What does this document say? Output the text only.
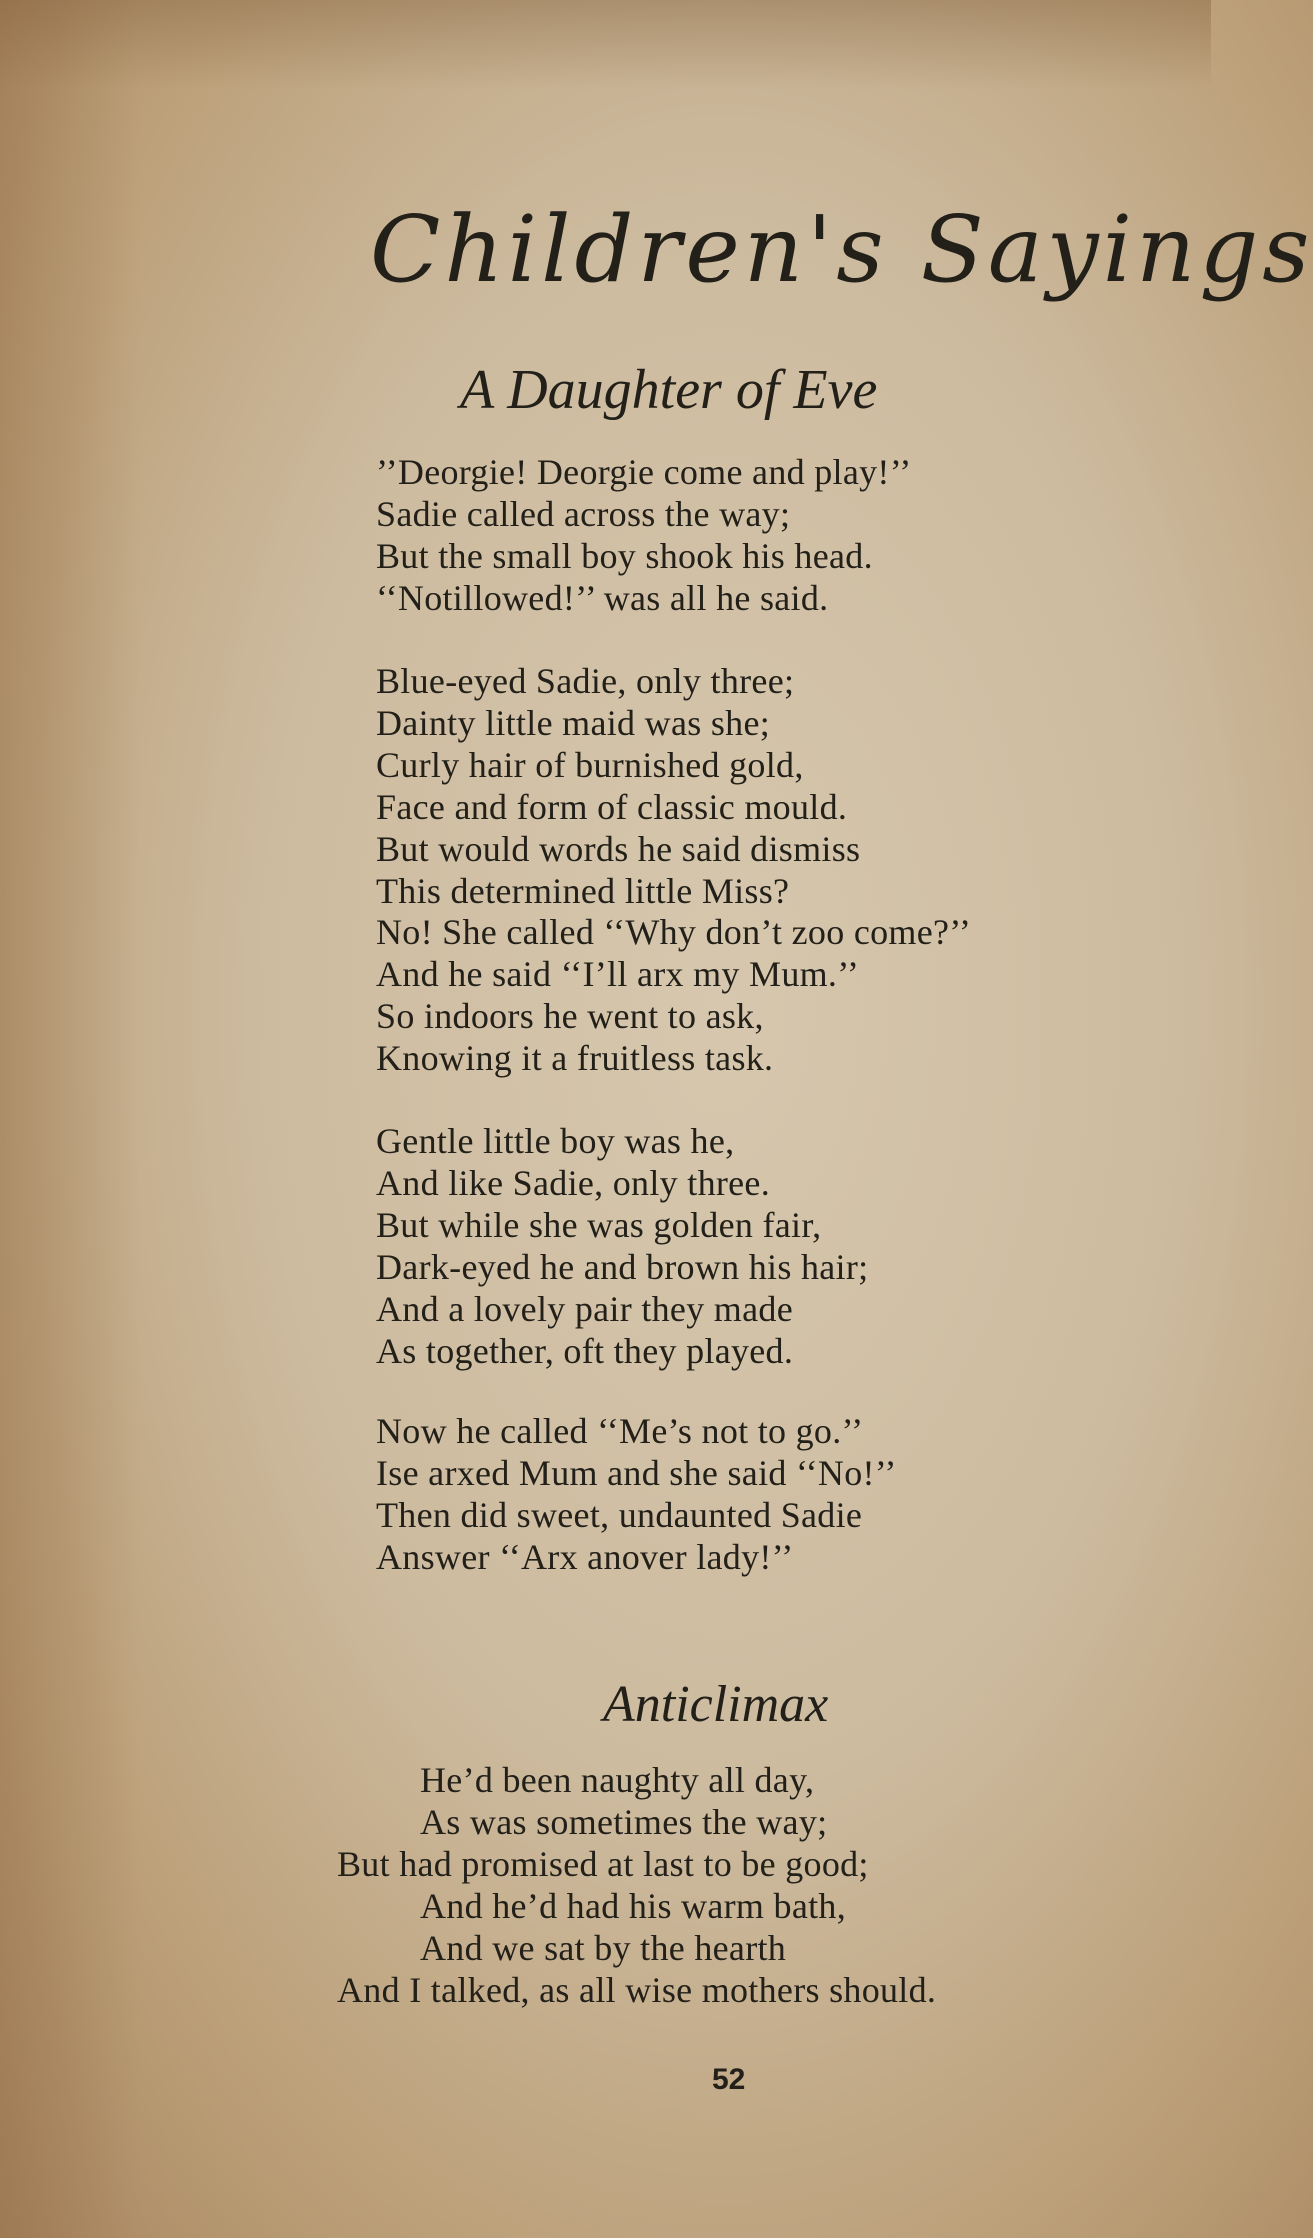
Children's Sayings
A Daughter of Eve
’’Deorgie! Deorgie come and play!’’
Sadie called across the way;
But the small boy shook his head.
‘‘Notillowed!’’ was all he said.
Blue-eyed Sadie, only three;
Dainty little maid was she;
Curly hair of burnished gold,
Face and form of classic mould.
But would words he said dismiss
This determined little Miss?
No! She called ‘‘Why don’t zoo come?’’
And he said ‘‘I’ll arx my Mum.’’
So indoors he went to ask,
Knowing it a fruitless task.
Gentle little boy was he,
And like Sadie, only three.
But while she was golden fair,
Dark-eyed he and brown his hair;
And a lovely pair they made
As together, oft they played.
Now he called ‘‘Me’s not to go.’’
Ise arxed Mum and she said ‘‘No!’’
Then did sweet, undaunted Sadie
Answer ‘‘Arx anover lady!’’
Anticlimax
He’d been naughty all day,
As was sometimes the way;
But had promised at last to be good;
And he’d had his warm bath,
And we sat by the hearth
And I talked, as all wise mothers should.
52
